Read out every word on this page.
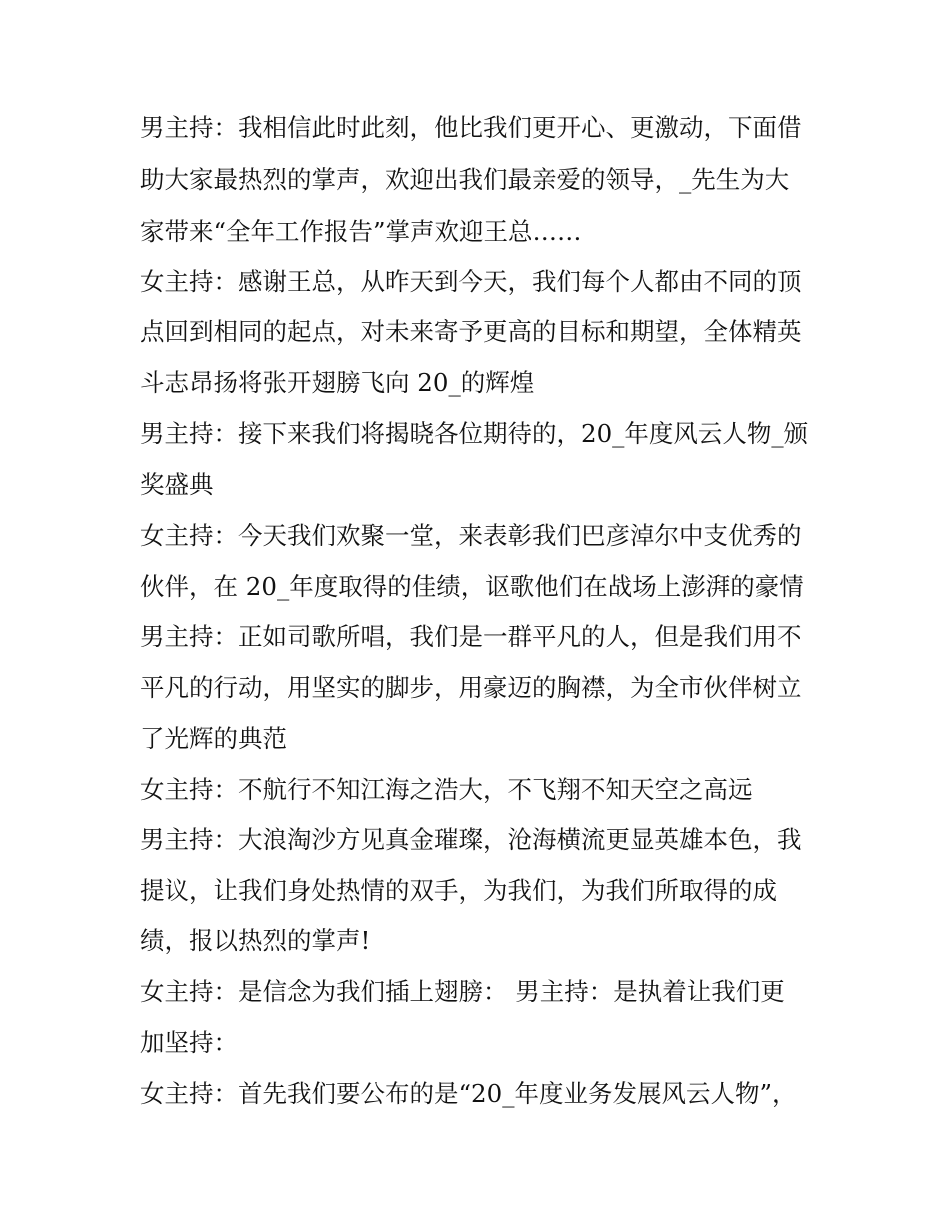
男主持：我相信此时此刻，他比我们更开心、更激动，下面借
助大家最热烈的掌声，欢迎出我们最亲爱的领导，_先生为大
家带来“全年工作报告”掌声欢迎王总……
女主持：感谢王总，从昨天到今天，我们每个人都由不同的顶
点回到相同的起点，对未来寄予更高的目标和期望，全体精英
斗志昂扬将张开翅膀飞向 20_的辉煌
男主持：接下来我们将揭晓各位期待的，20_年度风云人物_颁
奖盛典
女主持：今天我们欢聚一堂，来表彰我们巴彦淖尔中支优秀的
伙伴，在 20_年度取得的佳绩，讴歌他们在战场上澎湃的豪情
男主持：正如司歌所唱，我们是一群平凡的人，但是我们用不
平凡的行动，用坚实的脚步，用豪迈的胸襟，为全市伙伴树立
了光辉的典范
女主持：不航行不知江海之浩大，不飞翔不知天空之高远
男主持：大浪淘沙方见真金璀璨，沧海横流更显英雄本色，我
提议，让我们身处热情的双手，为我们，为我们所取得的成
绩，报以热烈的掌声!
女主持：是信念为我们插上翅膀： 男主持：是执着让我们更
加坚持：
女主持：首先我们要公布的是“20_年度业务发展风云人物”，
